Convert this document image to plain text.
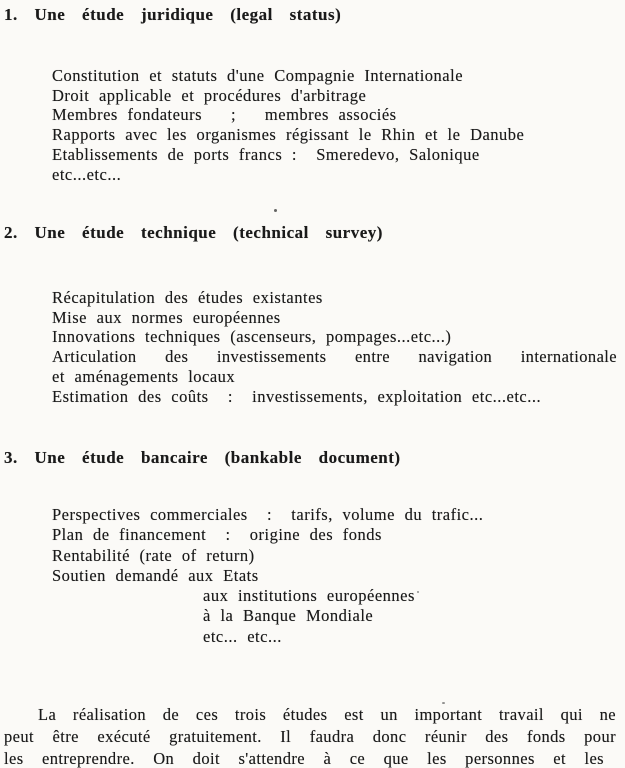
1. Une étude juridique (legal status)
Constitution et statuts d'une Compagnie Internationale
Droit applicable et procédures d'arbitrage
Membres fondateurs   ;   membres associés
Rapports avec les organismes régissant le Rhin et le Danube
Etablissements de ports francs :  Smeredevo, Salonique
etc...etc...
2. Une étude technique (technical survey)
Récapitulation des études existantes
Mise aux normes européennes
Innovations techniques (ascenseurs, pompages...etc...)
Articulation des investissements entre navigation internationale
et aménagements locaux
Estimation des coûts  :  investissements, exploitation etc...etc...
3. Une étude bancaire (bankable document)
Perspectives commerciales  :  tarifs, volume du trafic...
Plan de financement  :  origine des fonds
Rentabilité (rate of return)
Soutien demandé aux Etats
aux institutions européennes
à la Banque Mondiale
etc... etc...
La réalisation de ces trois études est un important travail qui ne
peut être exécuté gratuitement. Il faudra donc réunir des fonds pour
les entreprendre. On doit s'attendre à ce que les personnes et les
